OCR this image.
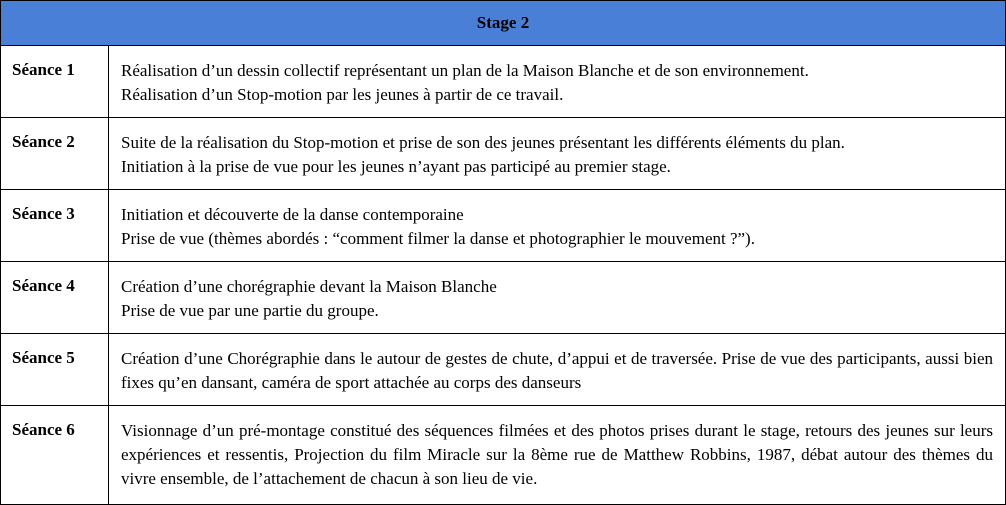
Stage 2	
Séance 1	Réalisation d’un dessin collectif représentant un plan de la Maison Blanche et de son environnement.
Réalisation d’un Stop-motion par les jeunes à partir de ce travail.

Séance 2	Suite de la réalisation du Stop-motion et prise de son des jeunes présentant les différents éléments du plan.
Initiation à la prise de vue pour les jeunes n’ayant pas participé au premier stage.

Séance 3	Initiation et découverte de la danse contemporaine
Prise de vue (thèmes abordés : “comment filmer la danse et photographier le mouvement ?”).

Séance 4	Création d’une chorégraphie devant la Maison Blanche
Prise de vue par une partie du groupe.

Séance 5	Création d’une Chorégraphie dans le autour de gestes de chute, d’appui et de traversée. Prise de vue des participants, aussi bien fixes qu’en dansant, caméra de sport attachée au corps des danseurs
Séance 6	Visionnage d’un pré-montage constitué des séquences filmées et des photos prises durant le stage, retours des jeunes sur leurs expériences et ressentis, Projection du film Miracle sur la 8ème rue de Matthew Robbins, 1987, débat autour des thèmes du vivre ensemble, de l’attachement de chacun à son lieu de vie.
